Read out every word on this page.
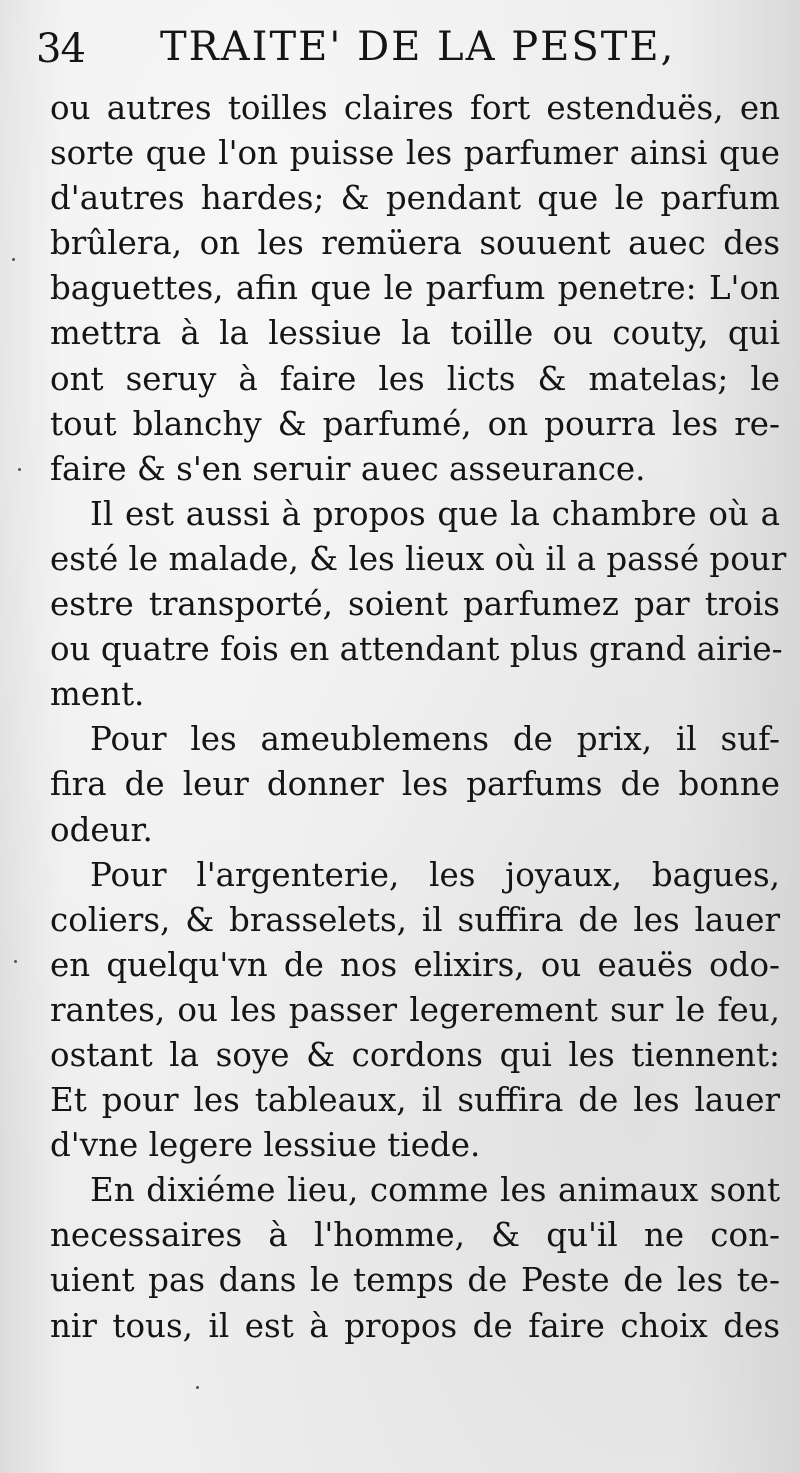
34 TRAITE' DE LA PESTE,
ou autres toilles claires fort estenduës, en
sorte que l'on puisse les parfumer ainsi que
d'autres hardes; & pendant que le parfum
brûlera, on les remüera souuent auec des
baguettes, afin que le parfum penetre: L'on
mettra à la lessiue la toille ou couty, qui
ont seruy à faire les licts & matelas; le
tout blanchy & parfumé, on pourra les re-
faire & s'en seruir auec asseurance.
Il est aussi à propos que la chambre où a
esté le malade, & les lieux où il a passé pour
estre transporté, soient parfumez par trois
ou quatre fois en attendant plus grand airie-
ment.
Pour les ameublemens de prix, il suf-
fira de leur donner les parfums de bonne
odeur.
Pour l'argenterie, les joyaux, bagues,
coliers, & brasselets, il suffira de les lauer
en quelqu'vn de nos elixirs, ou eauës odo-
rantes, ou les passer legerement sur le feu,
ostant la soye & cordons qui les tiennent:
Et pour les tableaux, il suffira de les lauer
d'vne legere lessiue tiede.
En dixiéme lieu, comme les animaux sont
necessaires à l'homme, & qu'il ne con-
uient pas dans le temps de Peste de les te-
nir tous, il est à propos de faire choix des
